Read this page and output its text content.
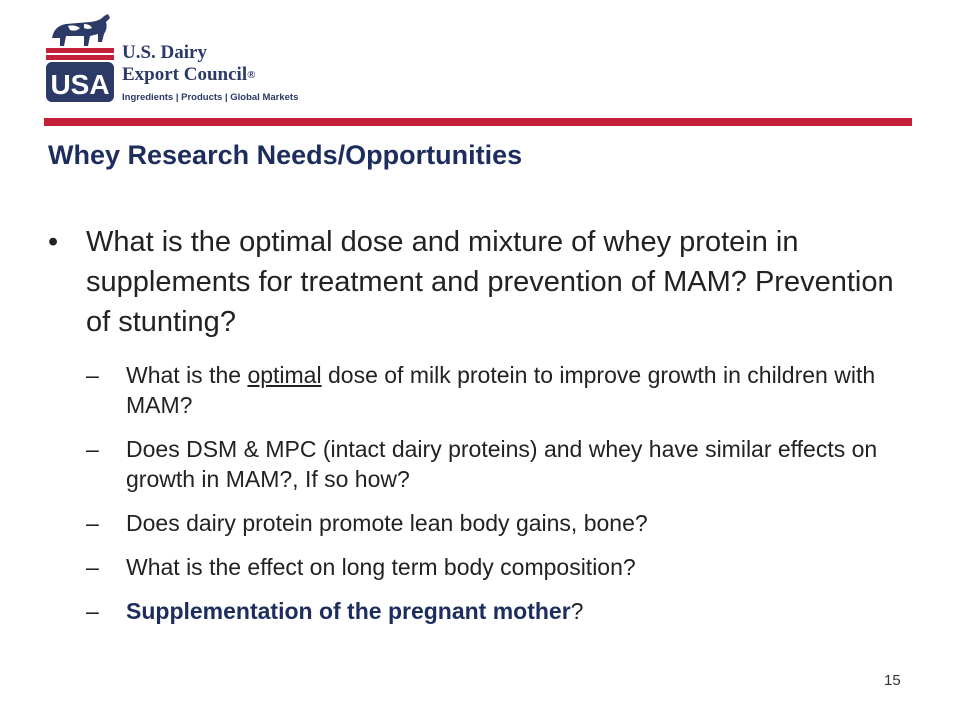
USA
U.S. Dairy
Export Council®
Ingredients | Products | Global Markets
Whey Research Needs/Opportunities
• What is the optimal dose and mixture of whey protein in supplements for treatment and prevention of MAM? Prevention of stunting?
–	What is the optimal dose of milk protein to improve growth in children with MAM?
–	Does DSM & MPC (intact dairy proteins) and whey have similar effects on growth in MAM?, If so how?
–	Does dairy protein promote lean body gains, bone?
–	What is the effect on long term body composition?
–	Supplementation of the pregnant mother?
15
